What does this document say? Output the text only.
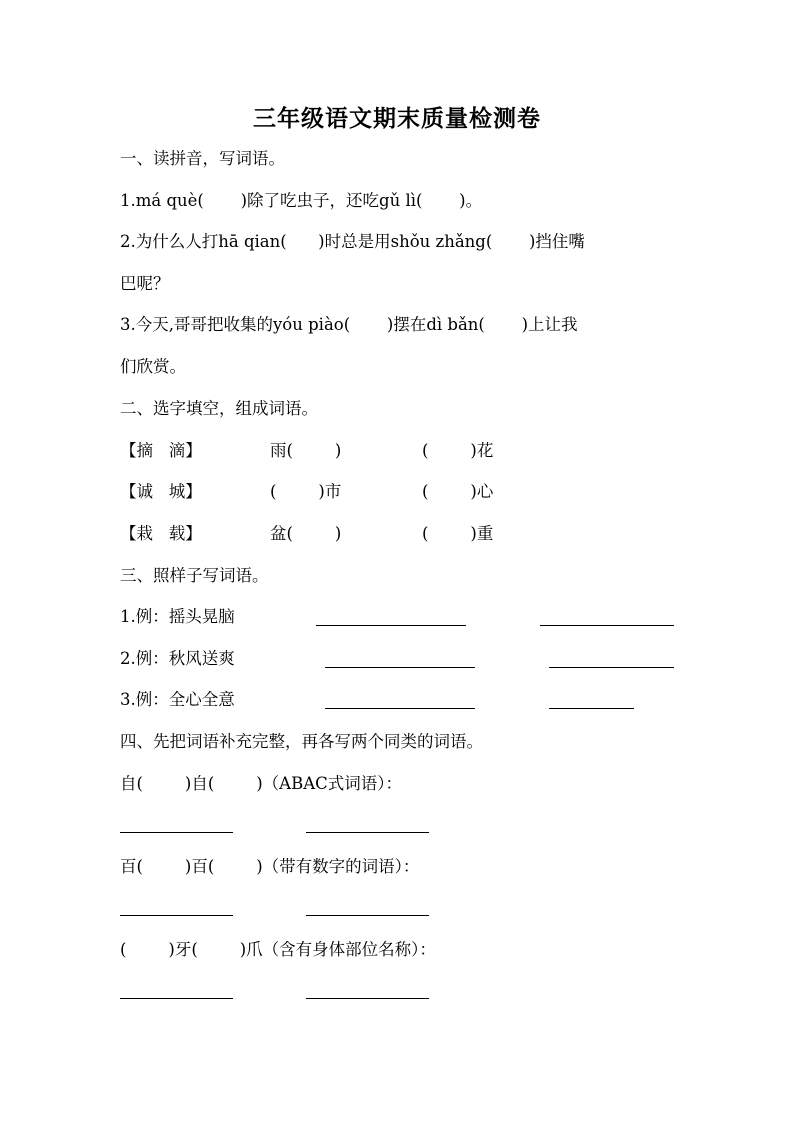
三年级语文期末质量检测卷
一、读拼音，写词语。
1.má què(       )除了吃虫子，还吃gǔ lì(       )。
2.为什么人打hā qian(      )时总是用shǒu zhǎng(       )挡住嘴
巴呢？
3.今天,哥哥把收集的yóu piào(       )摆在dì bǎn(       )上让我
们欣赏。
二、选字填空，组成词语。
【摘   滴】	雨(        )	(        )花
【诚   城】	(        )市	(        )心
【栽   载】	盆(        )	(        )重
三、照样子写词语。
1.例：摇头晃脑
2.例：秋风送爽
3.例：全心全意
四、先把词语补充完整，再各写两个同类的词语。
自(        )自(        )（ABAC式词语）：
百(        )百(        )（带有数字的词语）：
(        )牙(        )爪（含有身体部位名称）：
